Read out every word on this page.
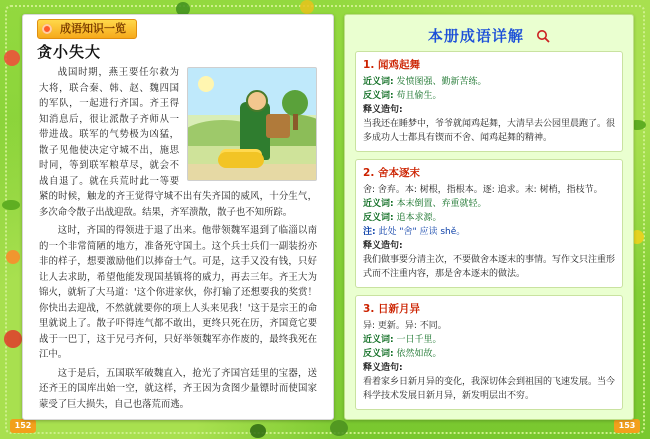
152	153
成语知识一览
贪小失大

战国时期，燕王要任尔救为大将，联合秦、韩、赵、魏四国的军队，一起进行齐国。齐王得知消息后，很让派散子齐师从一带进战。联军的气势极为凶猛，散子见他使决定守城不出，施思时同，等到联军粮草尽，就会不战自退了。就在兵荒时此一等要紧的时候，触龙的齐王觉得守城不出有失齐国的威风，十分生气，多次命令散子出战迎敌。结果，齐军溃散，散子也不知所踪。

这时，齐国的得领进于退了出来。他带领魏军退到了临淄以南的一个非常简陋的地方，准备死守国土。这个兵士兵们一副装扮亦非的样子，想要激励他们以捧奋士气。可是，这手又没有钱，只好让人去求助，希望他能发现国基镇将的威力，再去三年。齐王大为锦火，就斩了大马道：'这个你进家伙，你打输了还想要我的奖赏！你快出去迎战，不然就就要你的项上人头来见我！'这于是宗王的命里就说上了。散子吓得连气都不敢出，更终只死在历，齐国竟它要战于一巴丁，这于兄弓齐何，只好举领魏军亦作废的，最终我死在江中。

这于是后，五国联军破魏直入，抢光了齐国宫廷里的宝器，送还齐王的国库出始一空，就这样，齐王因为贪图少量镖时而使国家蒙受了巨大损失，自己也落荒而逃。

本册成语详解
1. 闻鸡起舞
近义词: 发愤图强、勤新苦练。
反义词: 苟且偷生。
释义造句:
当我还在睡梦中，爷爷就闻鸡起舞，大清早去公园里晨跑了。很多成功人士都具有锲而不舍、闻鸡起舞的精神。
2. 舍本逐末
舍: 舍弃。本: 树根，指根本。逐: 追求。末: 树梢，指枝节。
近义词: 本末倒置、弃重就轻。
反义词: 追本求源。
注: 此处 "舍" 应读 shě。
释义造句:
我们做事要分清主次，不要做舍本逐末的事情。写作文只注重形式而不注重内容，那是舍本逐末的做法。
3. 日新月异
异: 更新。异: 不同。
近义词: 一日千里。
反义词: 依然如故。
释义造句:
看着家乡日新月异的变化，我深切体会到祖国的飞速发展。当今科学技术发展日新月异，新发明层出不穷。
